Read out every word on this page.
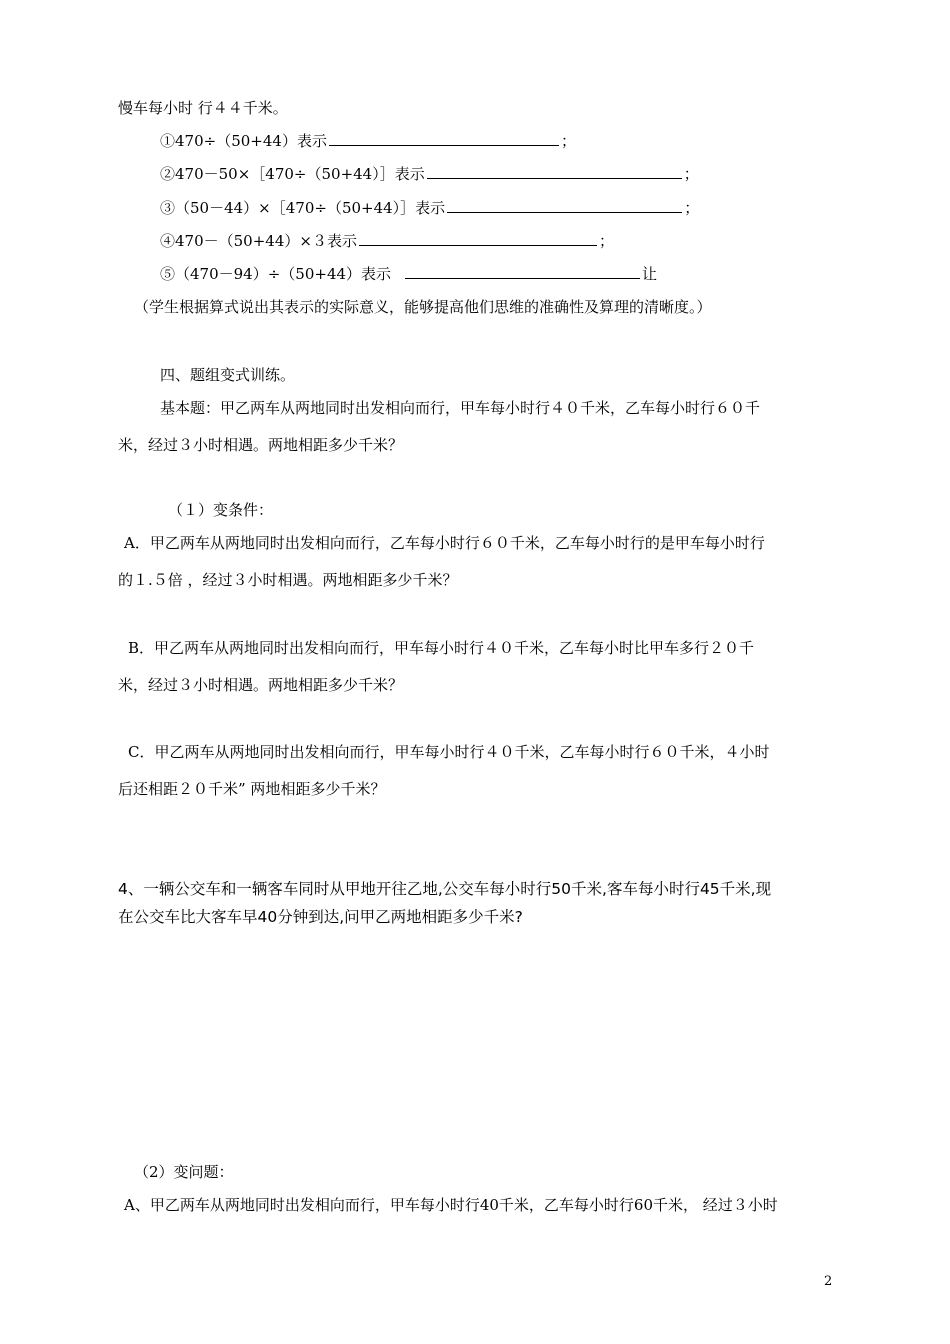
慢车每小时 行４４千米。
①470÷（50+44）表示	；
②470－50×［470÷（50+44）］表示	；
③（50－44）×［470÷（50+44）］表示	；
④470－（50+44）×３表示	；
⑤（470－94）÷（50+44）表示	让
（学生根据算式说出其表示的实际意义，能够提高他们思维的准确性及算理的清晰度。）
四、题组变式训练。
基本题：甲乙两车从两地同时出发相向而行，甲车每小时行４０千米，乙车每小时行６０千
米，经过３小时相遇。两地相距多少千米？
（１）变条件：
A．甲乙两车从两地同时出发相向而行，乙车每小时行６０千米，乙车每小时行的是甲车每小时行
的１.５倍 ，经过３小时相遇。两地相距多少千米？
B．甲乙两车从两地同时出发相向而行，甲车每小时行４０千米，乙车每小时比甲车多行２０千
米，经过３小时相遇。两地相距多少千米？
C．甲乙两车从两地同时出发相向而行，甲车每小时行４０千米，乙车每小时行６０千米，４小时
后还相距２０千米” 两地相距多少千米？
4、一辆公交车和一辆客车同时从甲地开往乙地,公交车每小时行50千米,客车每小时行45千米,现
在公交车比大客车早40分钟到达,问甲乙两地相距多少千米?
（2）变问题：
A、甲乙两车从两地同时出发相向而行，甲车每小时行40千米，乙车每小时行60千米， 经过３小时
2
